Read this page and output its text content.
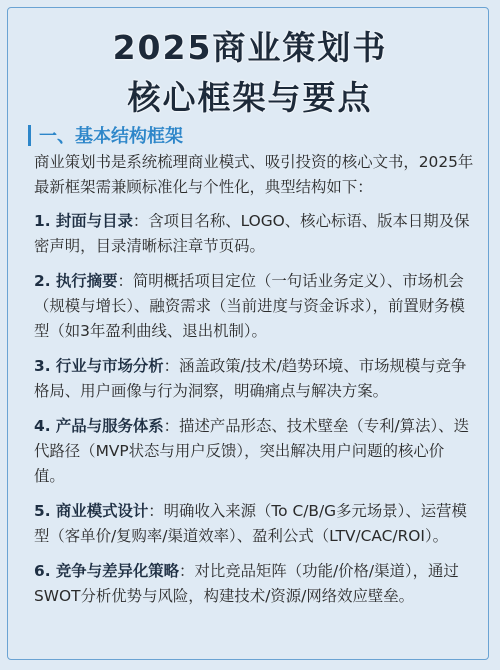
2025商业策划书
核心框架与要点
一、基本结构框架
商业策划书是系统梳理商业模式、吸引投资的核心文书，2025年最新框架需兼顾标准化与个性化，典型结构如下：

1. 封面与目录：含项目名称、LOGO、核心标语、版本日期及保密声明，目录清晰标注章节页码。

2. 执行摘要：简明概括项目定位（一句话业务定义）、市场机会（规模与增长）、融资需求（当前进度与资金诉求），前置财务模型（如3年盈利曲线、退出机制）。

3. 行业与市场分析：涵盖政策/技术/趋势环境、市场规模与竞争格局、用户画像与行为洞察，明确痛点与解决方案。

4. 产品与服务体系：描述产品形态、技术壁垒（专利/算法）、迭代路径（MVP状态与用户反馈），突出解决用户问题的核心价值。

5. 商业模式设计：明确收入来源（To C/B/G多元场景）、运营模型（客单价/复购率/渠道效率）、盈利公式（LTV/CAC/ROI）。

6. 竞争与差异化策略：对比竞品矩阵（功能/价格/渠道），通过SWOT分析优势与风险，构建技术/资源/网络效应壁垒。
